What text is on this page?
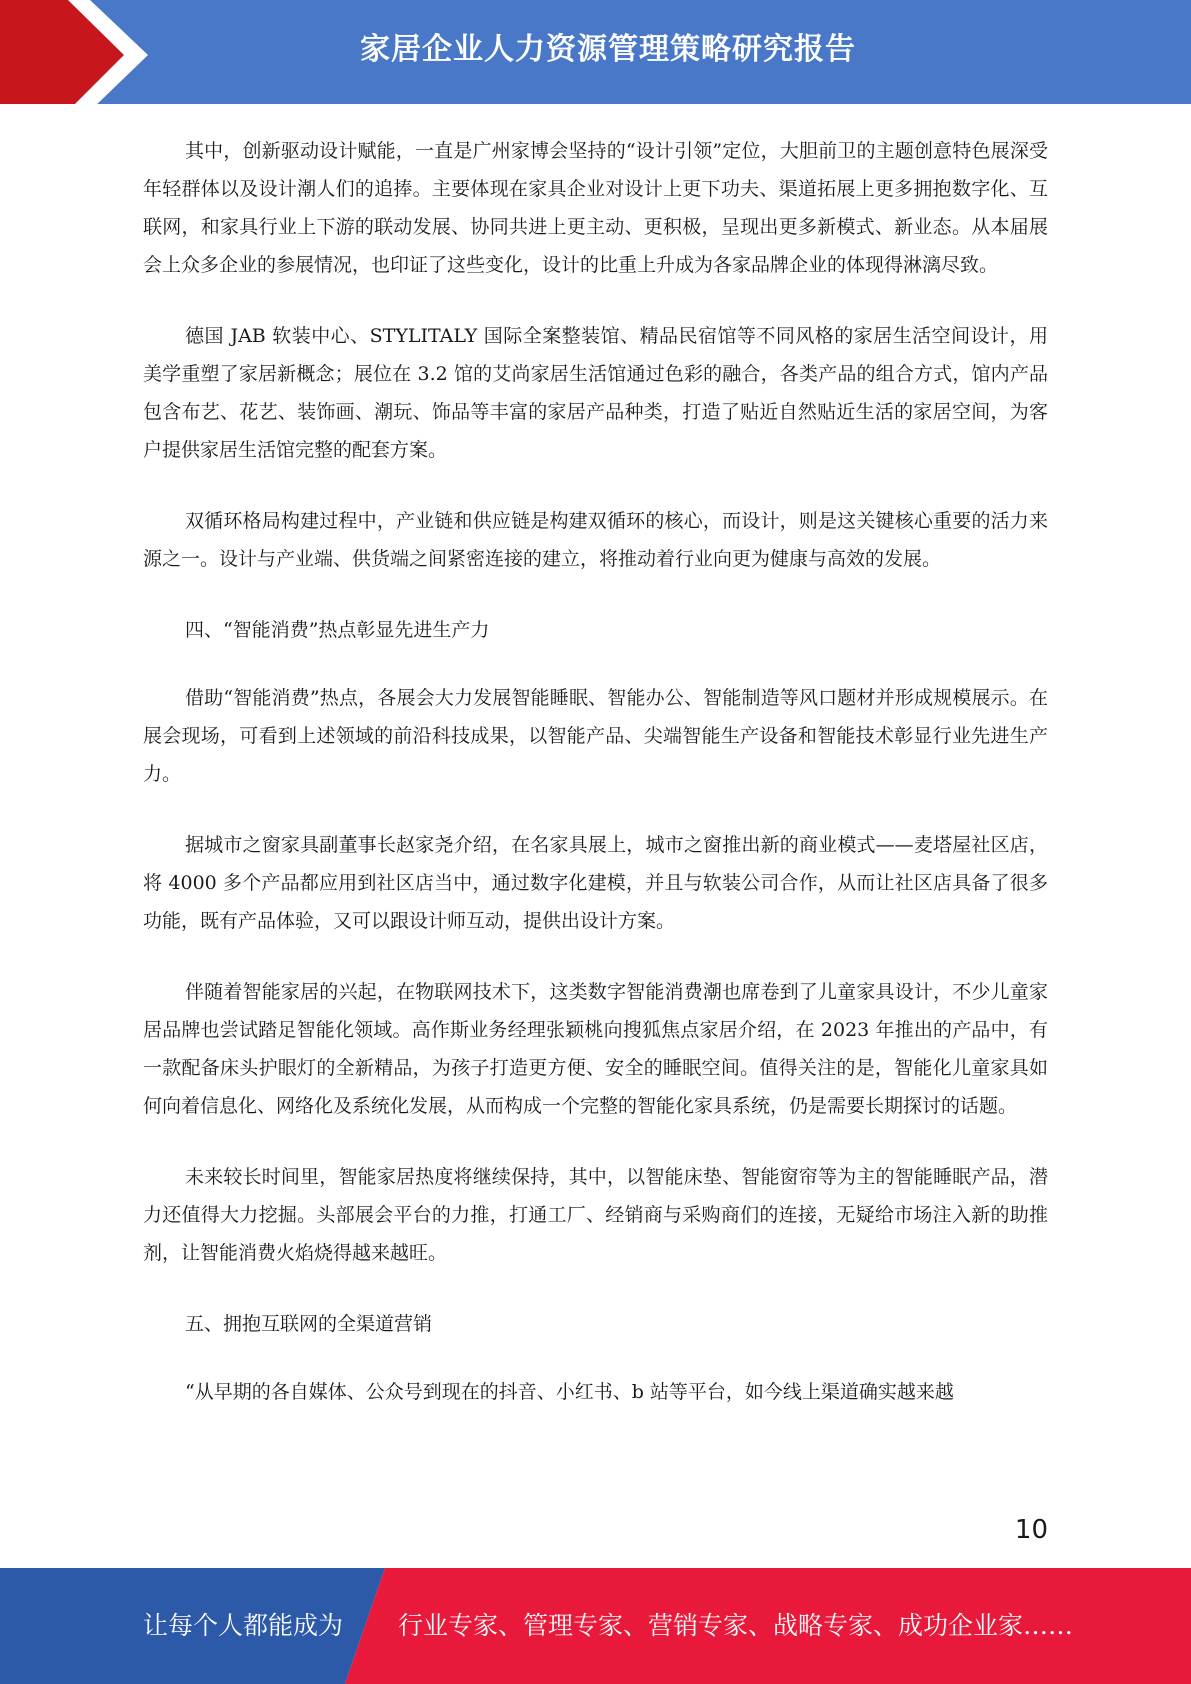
家居企业人力资源管理策略研究报告

其中，创新驱动设计赋能，一直是广州家博会坚持的“设计引领”定位，大胆前卫的主题创意特色展深受年轻群体以及设计潮人们的追捧。主要体现在家具企业对设计上更下功夫、渠道拓展上更多拥抱数字化、互联网，和家具行业上下游的联动发展、协同共进上更主动、更积极，呈现出更多新模式、新业态。从本届展会上众多企业的参展情况，也印证了这些变化，设计的比重上升成为各家品牌企业的体现得淋漓尽致。

德国 JAB 软装中心、STYLITALY 国际全案整装馆、精品民宿馆等不同风格的家居生活空间设计，用美学重塑了家居新概念；展位在 3.2 馆的艾尚家居生活馆通过色彩的融合，各类产品的组合方式，馆内产品包含布艺、花艺、装饰画、潮玩、饰品等丰富的家居产品种类，打造了贴近自然贴近生活的家居空间，为客户提供家居生活馆完整的配套方案。

双循环格局构建过程中，产业链和供应链是构建双循环的核心，而设计，则是这关键核心重要的活力来源之一。设计与产业端、供货端之间紧密连接的建立，将推动着行业向更为健康与高效的发展。

四、“智能消费”热点彰显先进生产力

借助“智能消费”热点，各展会大力发展智能睡眠、智能办公、智能制造等风口题材并形成规模展示。在展会现场，可看到上述领域的前沿科技成果，以智能产品、尖端智能生产设备和智能技术彰显行业先进生产力。

据城市之窗家具副董事长赵家尧介绍，在名家具展上，城市之窗推出新的商业模式——麦塔屋社区店，将 4000 多个产品都应用到社区店当中，通过数字化建模，并且与软装公司合作，从而让社区店具备了很多功能，既有产品体验，又可以跟设计师互动，提供出设计方案。

伴随着智能家居的兴起，在物联网技术下，这类数字智能消费潮也席卷到了儿童家具设计，不少儿童家居品牌也尝试踏足智能化领域。高作斯业务经理张颖桃向搜狐焦点家居介绍，在 2023 年推出的产品中，有一款配备床头护眼灯的全新精品，为孩子打造更方便、安全的睡眠空间。值得关注的是，智能化儿童家具如何向着信息化、网络化及系统化发展，从而构成一个完整的智能化家具系统，仍是需要长期探讨的话题。

未来较长时间里，智能家居热度将继续保持，其中，以智能床垫、智能窗帘等为主的智能睡眠产品，潜力还值得大力挖掘。头部展会平台的力推，打通工厂、经销商与采购商们的连接，无疑给市场注入新的助推剂，让智能消费火焰烧得越来越旺。

五、拥抱互联网的全渠道营销

“从早期的各自媒体、公众号到现在的抖音、小红书、b 站等平台，如今线上渠道确实越来越

10
让每个人都能成为 行业专家、管理专家、营销专家、战略专家、成功企业家……
